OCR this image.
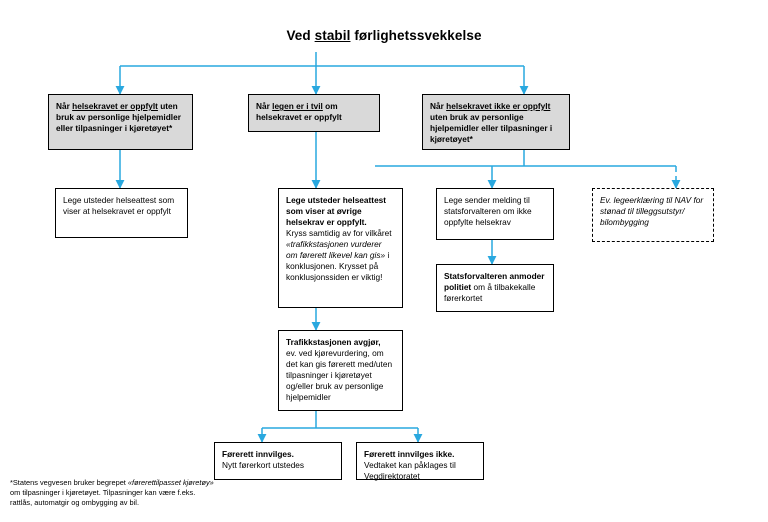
Ved stabil førlighetssvekkelse
Når helsekravet er oppfylt uten bruk av personlige hjelpemidler eller tilpasninger i kjøretøyet*
Når legen er i tvil om helsekravet er oppfylt
Når helsekravet ikke er oppfylt uten bruk av personlige hjelpemidler eller tilpasninger i kjøretøyet*
Lege utsteder helseattest som viser at helsekravet er oppfylt
Lege utsteder helseattest som viser at øvrige helsekrav er oppfylt.
Kryss samtidig av for vilkåret «trafikkstasjonen vurderer om førerett likevel kan gis» i konklusjonen. Krysset på konklusjonssiden er viktig!
Lege sender melding til statsforvalteren om ikke oppfylte helsekrav
Ev. legeerklæring til NAV for stønad til tilleggsutstyr/ bilombygging
Statsforvalteren anmoder politiet om å tilbakekalle førerkortet
Trafikkstasjonen avgjør,
ev. ved kjørevurdering, om det kan gis førerett med/uten tilpasninger i kjøretøyet og/eller bruk av personlige hjelpemidler
Førerett innvilges.
Nytt førerkort utstedes
Førerett innvilges ikke.
Vedtaket kan påklages til Vegdirektoratet
*Statens vegvesen bruker begrepet «førerettilpasset kjøretøy» om tilpasninger i kjøretøyet. Tilpasninger kan være f.eks. rattlås, automatgir og ombygging av bil.
